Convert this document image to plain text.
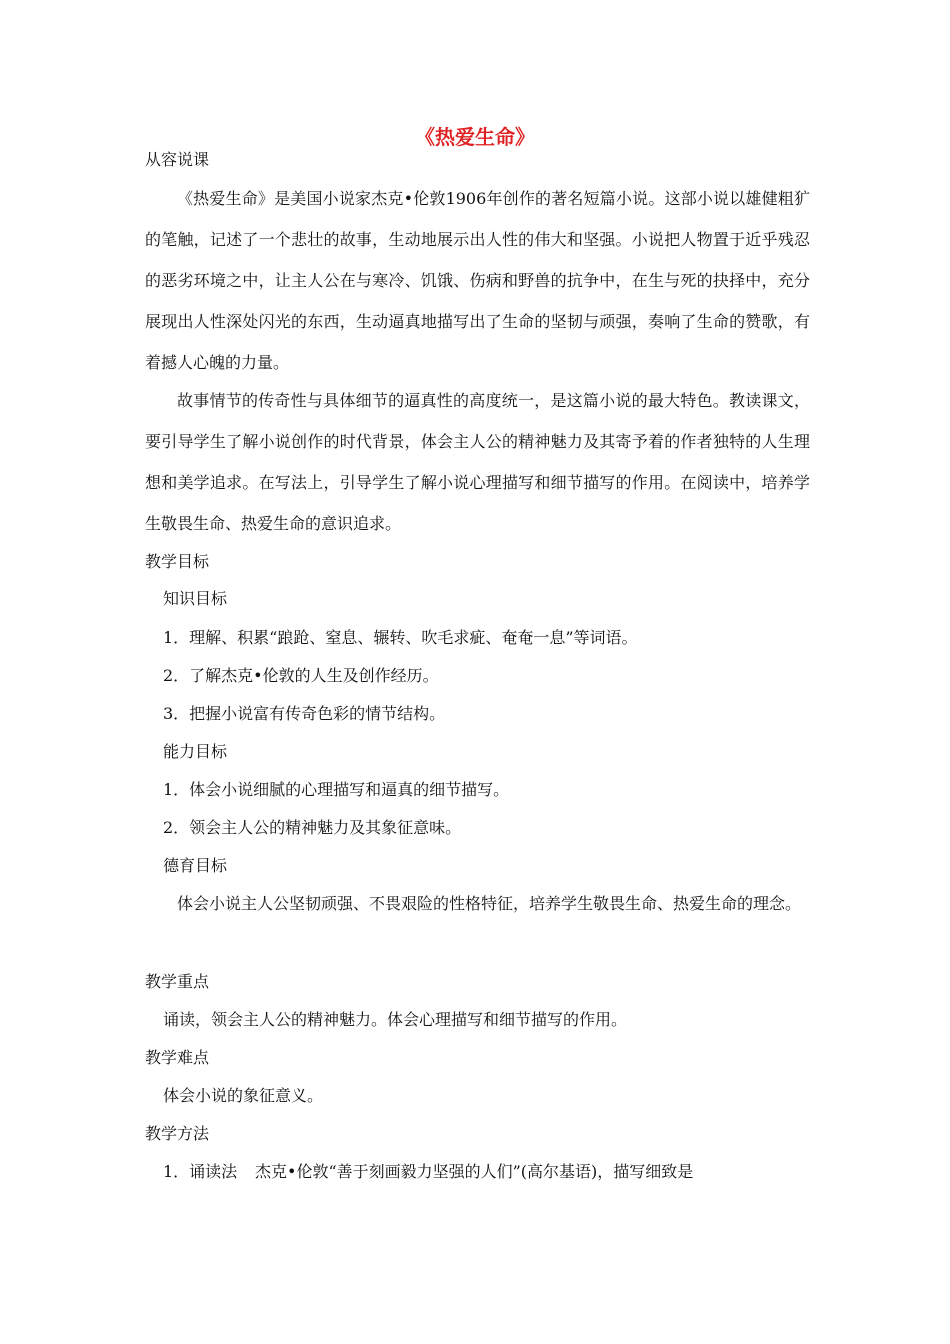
《热爱生命》
从容说课
《热爱生命》是美国小说家杰克•伦敦1906年创作的著名短篇小说。这部小说以雄健粗犷的笔触，记述了一个悲壮的故事，生动地展示出人性的伟大和坚强。小说把人物置于近乎残忍的恶劣环境之中，让主人公在与寒冷、饥饿、伤病和野兽的抗争中，在生与死的抉择中，充分展现出人性深处闪光的东西，生动逼真地描写出了生命的坚韧与顽强，奏响了生命的赞歌，有着撼人心魄的力量。
故事情节的传奇性与具体细节的逼真性的高度统一，是这篇小说的最大特色。教读课文，要引导学生了解小说创作的时代背景，体会主人公的精神魅力及其寄予着的作者独特的人生理想和美学追求。在写法上，引导学生了解小说心理描写和细节描写的作用。在阅读中，培养学生敬畏生命、热爱生命的意识追求。
教学目标
知识目标
1．理解、积累“踉跄、窒息、辗转、吹毛求疵、奄奄一息”等词语。
2．了解杰克•伦敦的人生及创作经历。
3．把握小说富有传奇色彩的情节结构。
能力目标
1．体会小说细腻的心理描写和逼真的细节描写。
2．领会主人公的精神魅力及其象征意味。
德育目标
体会小说主人公坚韧顽强、不畏艰险的性格特征，培养学生敬畏生命、热爱生命的理念。
教学重点
诵读，领会主人公的精神魅力。体会心理描写和细节描写的作用。
教学难点
体会小说的象征意义。
教学方法
1．诵读法 杰克•伦敦“善于刻画毅力坚强的人们”(高尔基语)，描写细致是
